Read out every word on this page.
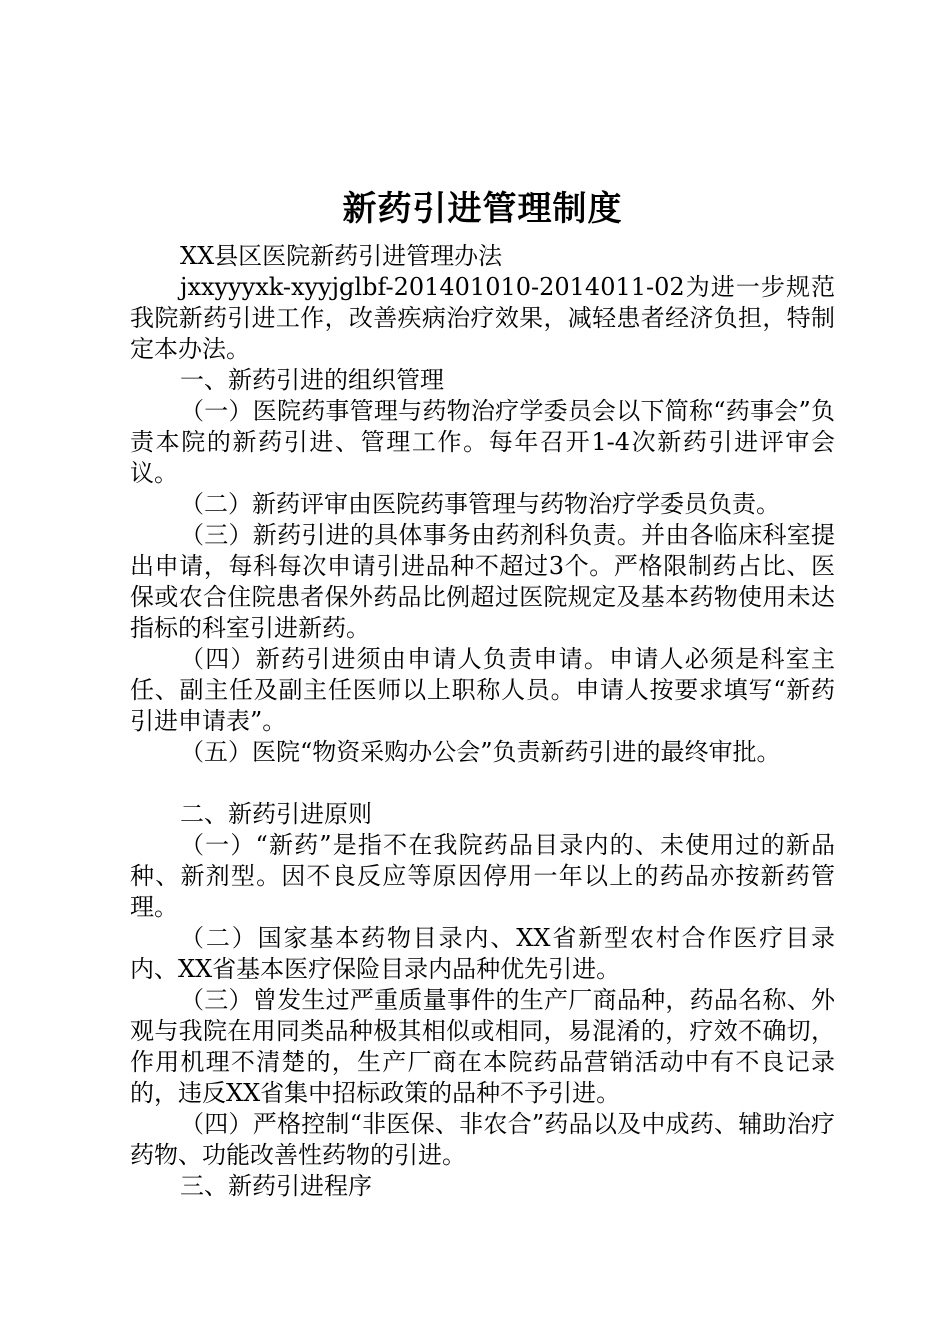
新药引进管理制度

XX县区医院新药引进管理办法

jxxyyyxk-xyyjglbf-201401010-2014011-02为进一步规范我院新药引进工作，改善疾病治疗效果，减轻患者经济负担，特制定本办法。

一、新药引进的组织管理

（一）医院药事管理与药物治疗学委员会以下简称“药事会”负责本院的新药引进、管理工作。每年召开1-4次新药引进评审会议。

（二）新药评审由医院药事管理与药物治疗学委员负责。

（三）新药引进的具体事务由药剂科负责。并由各临床科室提出申请，每科每次申请引进品种不超过3个。严格限制药占比、医保或农合住院患者保外药品比例超过医院规定及基本药物使用未达指标的科室引进新药。

（四）新药引进须由申请人负责申请。申请人必须是科室主任、副主任及副主任医师以上职称人员。申请人按要求填写“新药引进申请表”。

（五）医院“物资采购办公会”负责新药引进的最终审批。

二、新药引进原则

（一）“新药”是指不在我院药品目录内的、未使用过的新品种、新剂型。因不良反应等原因停用一年以上的药品亦按新药管理。

（二）国家基本药物目录内、XX省新型农村合作医疗目录内、XX省基本医疗保险目录内品种优先引进。

（三）曾发生过严重质量事件的生产厂商品种，药品名称、外观与我院在用同类品种极其相似或相同，易混淆的，疗效不确切，作用机理不清楚的，生产厂商在本院药品营销活动中有不良记录的，违反XX省集中招标政策的品种不予引进。

（四）严格控制“非医保、非农合”药品以及中成药、辅助治疗药物、功能改善性药物的引进。

三、新药引进程序
